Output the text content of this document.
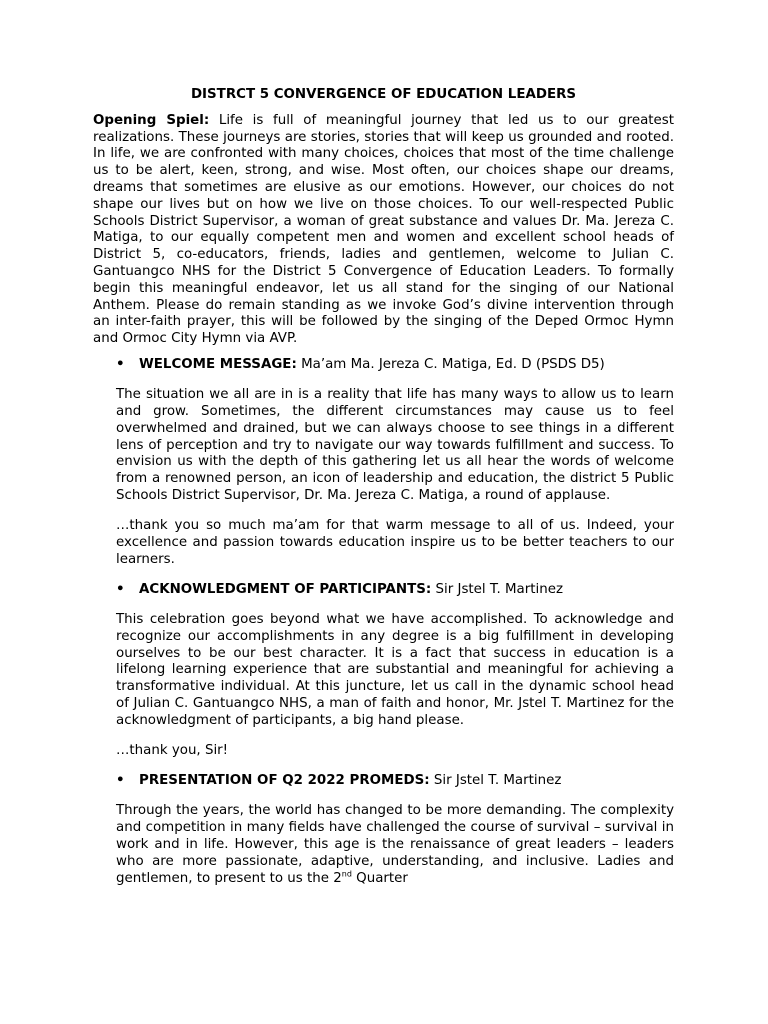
DISTRCT 5 CONVERGENCE OF EDUCATION LEADERS

Opening Spiel: Life is full of meaningful journey that led us to our greatest realizations. These journeys are stories, stories that will keep us grounded and rooted. In life, we are confronted with many choices, choices that most of the time challenge us to be alert, keen, strong, and wise. Most often, our choices shape our dreams, dreams that sometimes are elusive as our emotions. However, our choices do not shape our lives but on how we live on those choices. To our well-respected Public Schools District Supervisor, a woman of great substance and values Dr. Ma. Jereza C. Matiga, to our equally competent men and women and excellent school heads of District 5, co-educators, friends, ladies and gentlemen, welcome to Julian C. Gantuangco NHS for the District 5 Convergence of Education Leaders. To formally begin this meaningful endeavor, let us all stand for the singing of our National Anthem. Please do remain standing as we invoke God’s divine intervention through an inter-faith prayer, this will be followed by the singing of the Deped Ormoc Hymn and Ormoc City Hymn via AVP.

• WELCOME MESSAGE: Ma’am Ma. Jereza C. Matiga, Ed. D (PSDS D5)

The situation we all are in is a reality that life has many ways to allow us to learn and grow. Sometimes, the different circumstances may cause us to feel overwhelmed and drained, but we can always choose to see things in a different lens of perception and try to navigate our way towards fulfillment and success. To envision us with the depth of this gathering let us all hear the words of welcome from a renowned person, an icon of leadership and education, the district 5 Public Schools District Supervisor, Dr. Ma. Jereza C. Matiga, a round of applause.

…thank you so much ma’am for that warm message to all of us. Indeed, your excellence and passion towards education inspire us to be better teachers to our learners.

• ACKNOWLEDGMENT OF PARTICIPANTS: Sir Jstel T. Martinez

This celebration goes beyond what we have accomplished. To acknowledge and recognize our accomplishments in any degree is a big fulfillment in developing ourselves to be our best character. It is a fact that success in education is a lifelong learning experience that are substantial and meaningful for achieving a transformative individual. At this juncture, let us call in the dynamic school head of Julian C. Gantuangco NHS, a man of faith and honor, Mr. Jstel T. Martinez for the acknowledgment of participants, a big hand please.

…thank you, Sir!

• PRESENTATION OF Q2 2022 PROMEDS: Sir Jstel T. Martinez

Through the years, the world has changed to be more demanding. The complexity and competition in many fields have challenged the course of survival – survival in work and in life. However, this age is the renaissance of great leaders – leaders who are more passionate, adaptive, understanding, and inclusive. Ladies and gentlemen, to present to us the 2nd Quarter
